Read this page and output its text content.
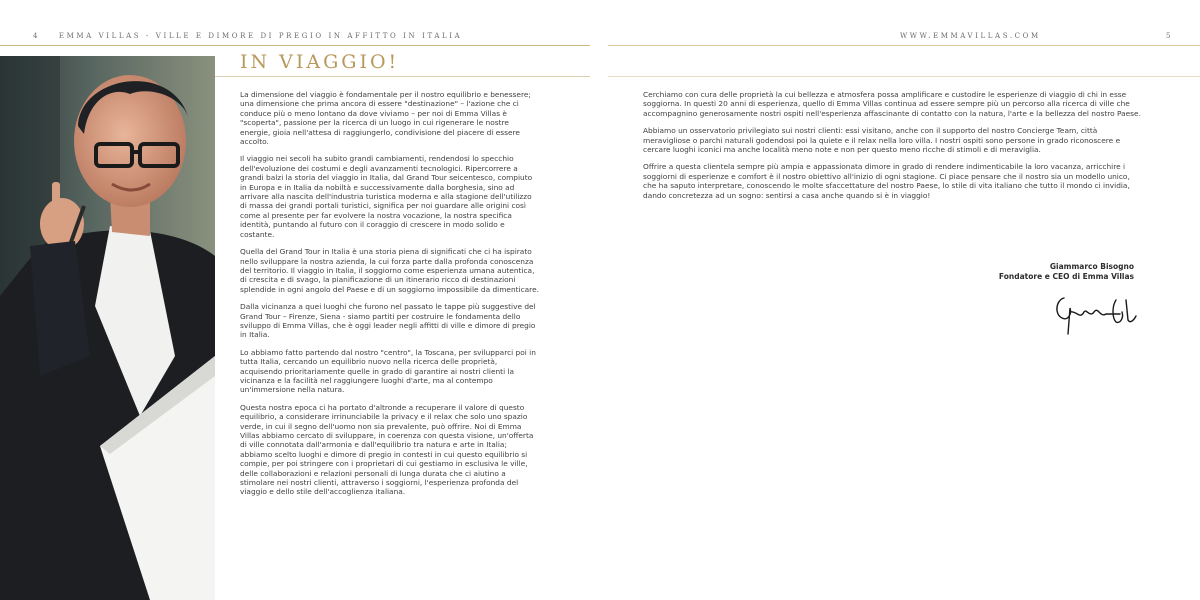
4	EMMA VILLAS - VILLE E DIMORE DI PREGIO IN AFFITTO IN ITALIA	WWW.EMMAVILLAS.COM	5
IN VIAGGIO!

La dimensione del viaggio è fondamentale per il nostro equilibrio e benessere; una dimensione che prima ancora di essere "destinazione" – l'azione che ci conduce più o meno lontano da dove viviamo – per noi di Emma Villas è "scoperta", passione per la ricerca di un luogo in cui rigenerare le nostre energie, gioia nell'attesa di raggiungerlo, condivisione del piacere di essere accolto.

Il viaggio nei secoli ha subito grandi cambiamenti, rendendosi lo specchio dell'evoluzione dei costumi e degli avanzamenti tecnologici. Ripercorrere a grandi balzi la storia del viaggio in Italia, dal Grand Tour seicentesco, compiuto in Europa e in Italia da nobiltà e successivamente dalla borghesia, sino ad arrivare alla nascita dell'industria turistica moderna e alla stagione dell'utilizzo di massa dei grandi portali turistici, significa per noi guardare alle origini così come al presente per far evolvere la nostra vocazione, la nostra specifica identità, puntando al futuro con il coraggio di crescere in modo solido e costante.

Quella del Grand Tour in Italia è una storia piena di significati che ci ha ispirato nello sviluppare la nostra azienda, la cui forza parte dalla profonda conoscenza del territorio. Il viaggio in Italia, il soggiorno come esperienza umana autentica, di crescita e di svago, la pianificazione di un itinerario ricco di destinazioni splendide in ogni angolo del Paese e di un soggiorno impossibile da dimenticare.

Dalla vicinanza a quei luoghi che furono nel passato le tappe più suggestive del Grand Tour – Firenze, Siena - siamo partiti per costruire le fondamenta dello sviluppo di Emma Villas, che è oggi leader negli affitti di ville e dimore di pregio in Italia.

Lo abbiamo fatto partendo dal nostro "centro", la Toscana, per svilupparci poi in tutta Italia, cercando un equilibrio nuovo nella ricerca delle proprietà, acquisendo prioritariamente quelle in grado di garantire ai nostri clienti la vicinanza e la facilità nel raggiungere luoghi d'arte, ma al contempo un'immersione nella natura.

Questa nostra epoca ci ha portato d'altronde a recuperare il valore di questo equilibrio, a considerare irrinunciabile la privacy e il relax che solo uno spazio verde, in cui il segno dell'uomo non sia prevalente, può offrire. Noi di Emma Villas abbiamo cercato di sviluppare, in coerenza con questa visione, un'offerta di ville connotata dall'armonia e dall'equilibrio tra natura e arte in Italia; abbiamo scelto luoghi e dimore di pregio in contesti in cui questo equilibrio si compie, per poi stringere con i proprietari di cui gestiamo in esclusiva le ville, delle collaborazioni e relazioni personali di lunga durata che ci aiutino a stimolare nei nostri clienti, attraverso i soggiorni, l'esperienza profonda del viaggio e dello stile dell'accoglienza italiana.

Cerchiamo con cura delle proprietà la cui bellezza e atmosfera possa amplificare e custodire le esperienze di viaggio di chi in esse soggiorna. In questi 20 anni di esperienza, quello di Emma Villas continua ad essere sempre più un percorso alla ricerca di ville che accompagnino generosamente nostri ospiti nell'esperienza affascinante di contatto con la natura, l'arte e la bellezza del nostro Paese.

Abbiamo un osservatorio privilegiato sui nostri clienti: essi visitano, anche con il supporto del nostro Concierge Team, città meravigliose o parchi naturali godendosi poi la quiete e il relax nella loro villa. I nostri ospiti sono persone in grado riconoscere e cercare luoghi iconici ma anche località meno note e non per questo meno ricche di stimoli e di meraviglia.

Offrire a questa clientela sempre più ampia e appassionata dimore in grado di rendere indimenticabile la loro vacanza, arricchire i soggiorni di esperienze e comfort è il nostro obiettivo all'inizio di ogni stagione. Ci piace pensare che il nostro sia un modello unico, che ha saputo interpretare, conoscendo le molte sfaccettature del nostro Paese, lo stile di vita italiano che tutto il mondo ci invidia, dando concretezza ad un sogno: sentirsi a casa anche quando si è in viaggio!

Giammarco Bisogno
Fondatore e CEO di Emma Villas
